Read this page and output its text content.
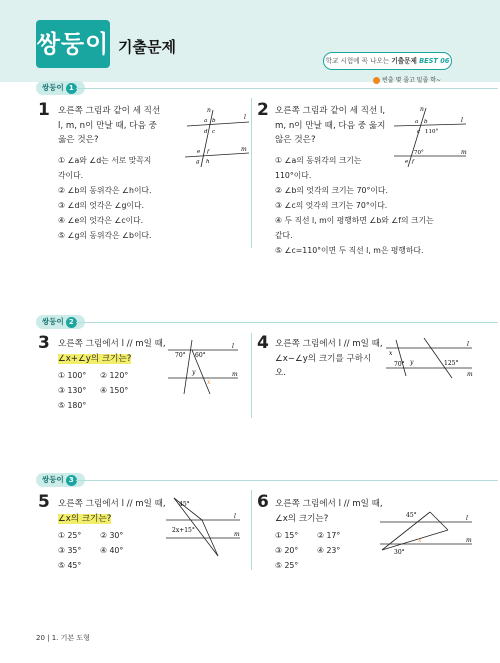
쌍둥이 기출문제
학교 시험에 꼭 나오는 기출문제 BEST 06
빈출 몇 줄고 밑줄 학~
쌍둥이 1
1 오른쪽 그림과 같이 세 직선
l, m, n이 만날 때, 다음 중
옳은 것은?
① ∠a와 ∠d는 서로 맞꼭지
각이다.
② ∠b의 동위각은 ∠h이다.
③ ∠d의 엇각은 ∠g이다.
④ ∠e의 엇각은 ∠c이다.
⑤ ∠g의 동위각은 ∠b이다.
n
l
a b
d c
m
e f
g h
2 오른쪽 그림과 같이 세 직선 l,
m, n이 만날 때, 다음 중 옳지
않은 것은?
① ∠a의 동위각의 크기는
110°이다.
② ∠b의 엇각의 크기는 70°이다.
③ ∠c의 엇각의 크기는 70°이다.
④ 두 직선 l, m이 평행하면 ∠b와 ∠f의 크기는
같다.
⑤ ∠c=110°이면 두 직선 l, m은 평행하다.
n
l
a b
c
m
e f
110°
70°
쌍둥이 2
3 오른쪽 그림에서 l // m일 때,
∠x+∠y의 크기는?
① 100°	② 120°
③ 130°	④ 150°
⑤ 180°
70° 60°
l
y
x
m
4 오른쪽 그림에서 l // m일 때,
∠x−∠y의 크기를 구하시
오.
x
l
70° y	125°
m
쌍둥이 3
5 오른쪽 그림에서 l // m일 때,
∠x의 크기는?
① 25°	② 30°
③ 35°	④ 40°
⑤ 45°
45°
2x+15°
l
m
6 오른쪽 그림에서 l // m일 때,
∠x의 크기는?
① 15°	② 17°
③ 20°	④ 23°
⑤ 25°
45°	l
x
30°
m
20 | 1. 기본 도형
